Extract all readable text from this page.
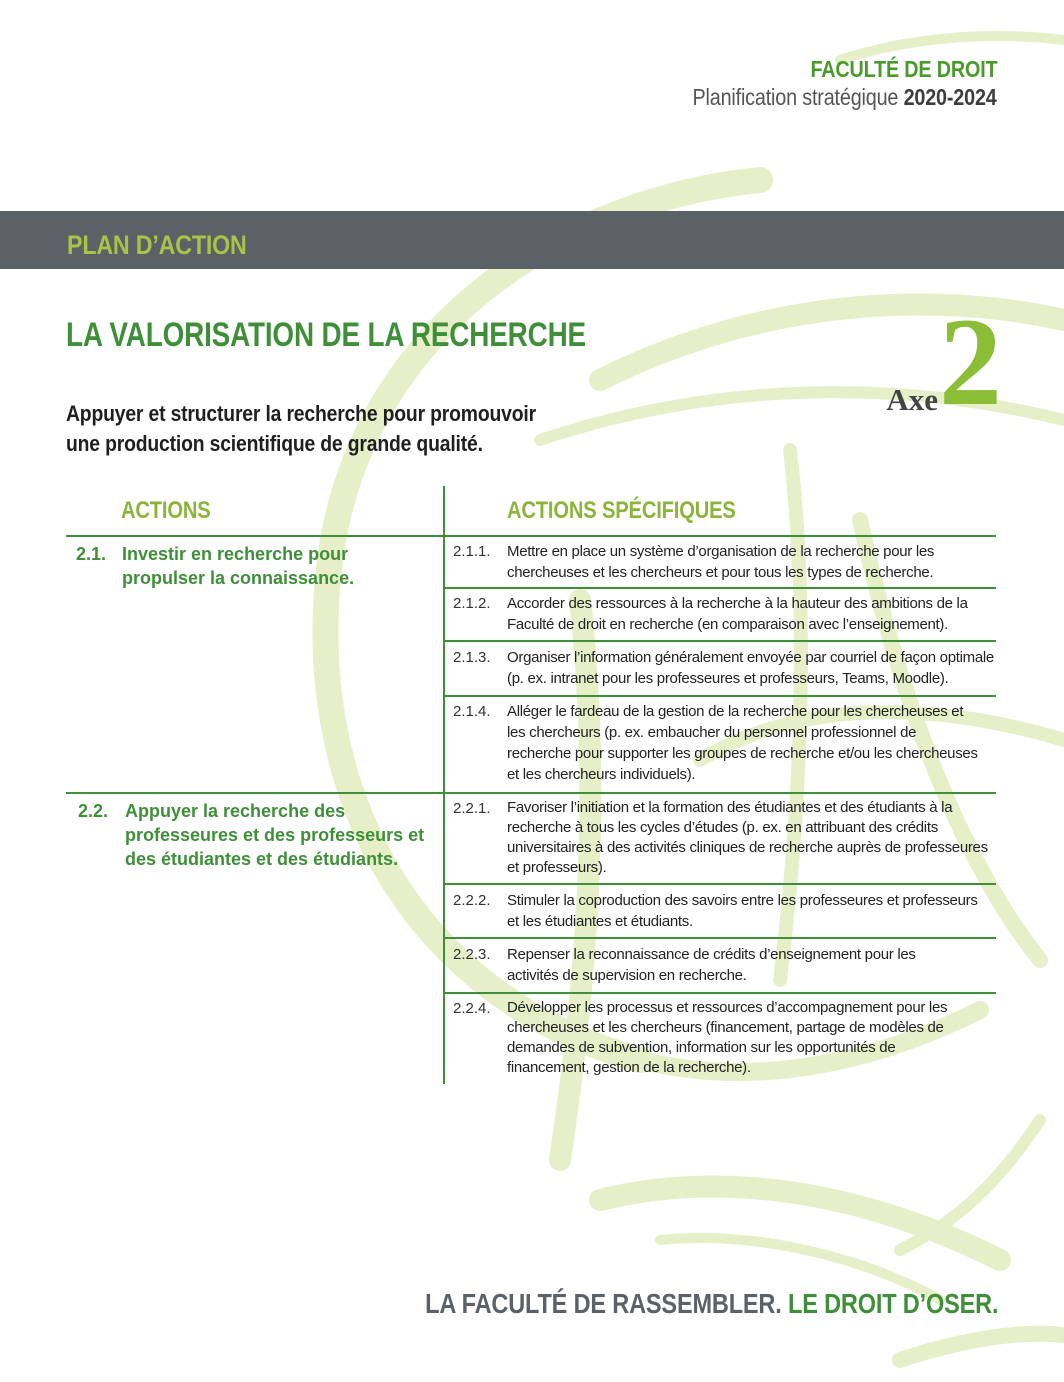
FACULTÉ DE DROIT
Planification stratégique 2020-2024
PLAN D’ACTION
LA VALORISATION DE LA RECHERCHE
Appuyer et structurer la recherche pour promouvoir
une production scientifique de grande qualité.
Axe 2
ACTIONS	ACTIONS SPÉCIFIQUES
2.1. Investir en recherche pour
propulser la connaissance.
2.2. Appuyer la recherche des
professeures et des professeurs et
des étudiantes et des étudiants.
2.1.1. Mettre en place un système d’organisation de la recherche pour les
chercheuses et les chercheurs et pour tous les types de recherche.
2.1.2. Accorder des ressources à la recherche à la hauteur des ambitions de la
Faculté de droit en recherche (en comparaison avec l’enseignement).
2.1.3. Organiser l’information généralement envoyée par courriel de façon optimale
(p. ex. intranet pour les professeures et professeurs, Teams, Moodle).
2.1.4. Alléger le fardeau de la gestion de la recherche pour les chercheuses et
les chercheurs (p. ex. embaucher du personnel professionnel de
recherche pour supporter les groupes de recherche et/ou les chercheuses
et les chercheurs individuels).
2.2.1. Favoriser l’initiation et la formation des étudiantes et des étudiants à la
recherche à tous les cycles d’études (p. ex. en attribuant des crédits
universitaires à des activités cliniques de recherche auprès de professeures
et professeurs).
2.2.2. Stimuler la coproduction des savoirs entre les professeures et professeurs
et les étudiantes et étudiants.
2.2.3. Repenser la reconnaissance de crédits d’enseignement pour les
activités de supervision en recherche.
2.2.4. Développer les processus et ressources d’accompagnement pour les
chercheuses et les chercheurs (financement, partage de modèles de
demandes de subvention, information sur les opportunités de
financement, gestion de la recherche).
LA FACULTÉ DE RASSEMBLER. LE DROIT D’OSER.
